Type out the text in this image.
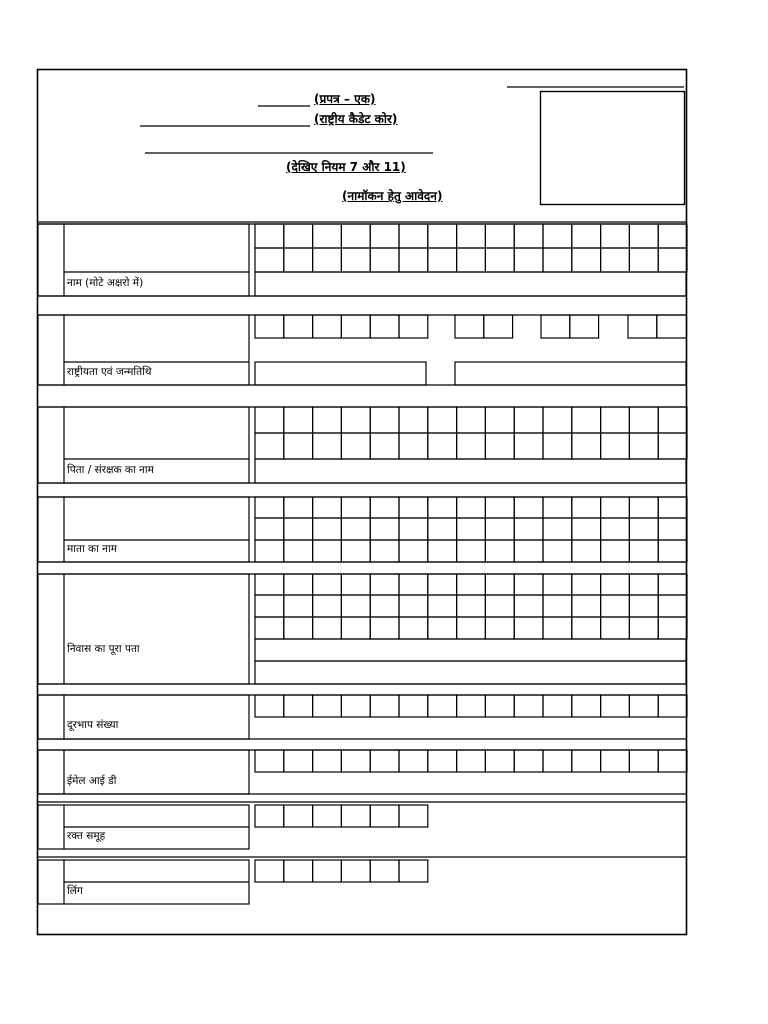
(प्रपत्र – एक)
(राष्ट्रीय कैडेट कोर)
(देखिए नियम 7 और 11)
(नामॉकन हेतु आवेदन)
नाम (मोटे अक्षरो में)
राष्ट्रीयता एवं जन्मतिथि
पिता / संरक्षक का नाम
माता का नाम
निवास का पूरा पता
दूरभाप संख्या
ईमेल आई डी
रक्त समूह
लिंग
